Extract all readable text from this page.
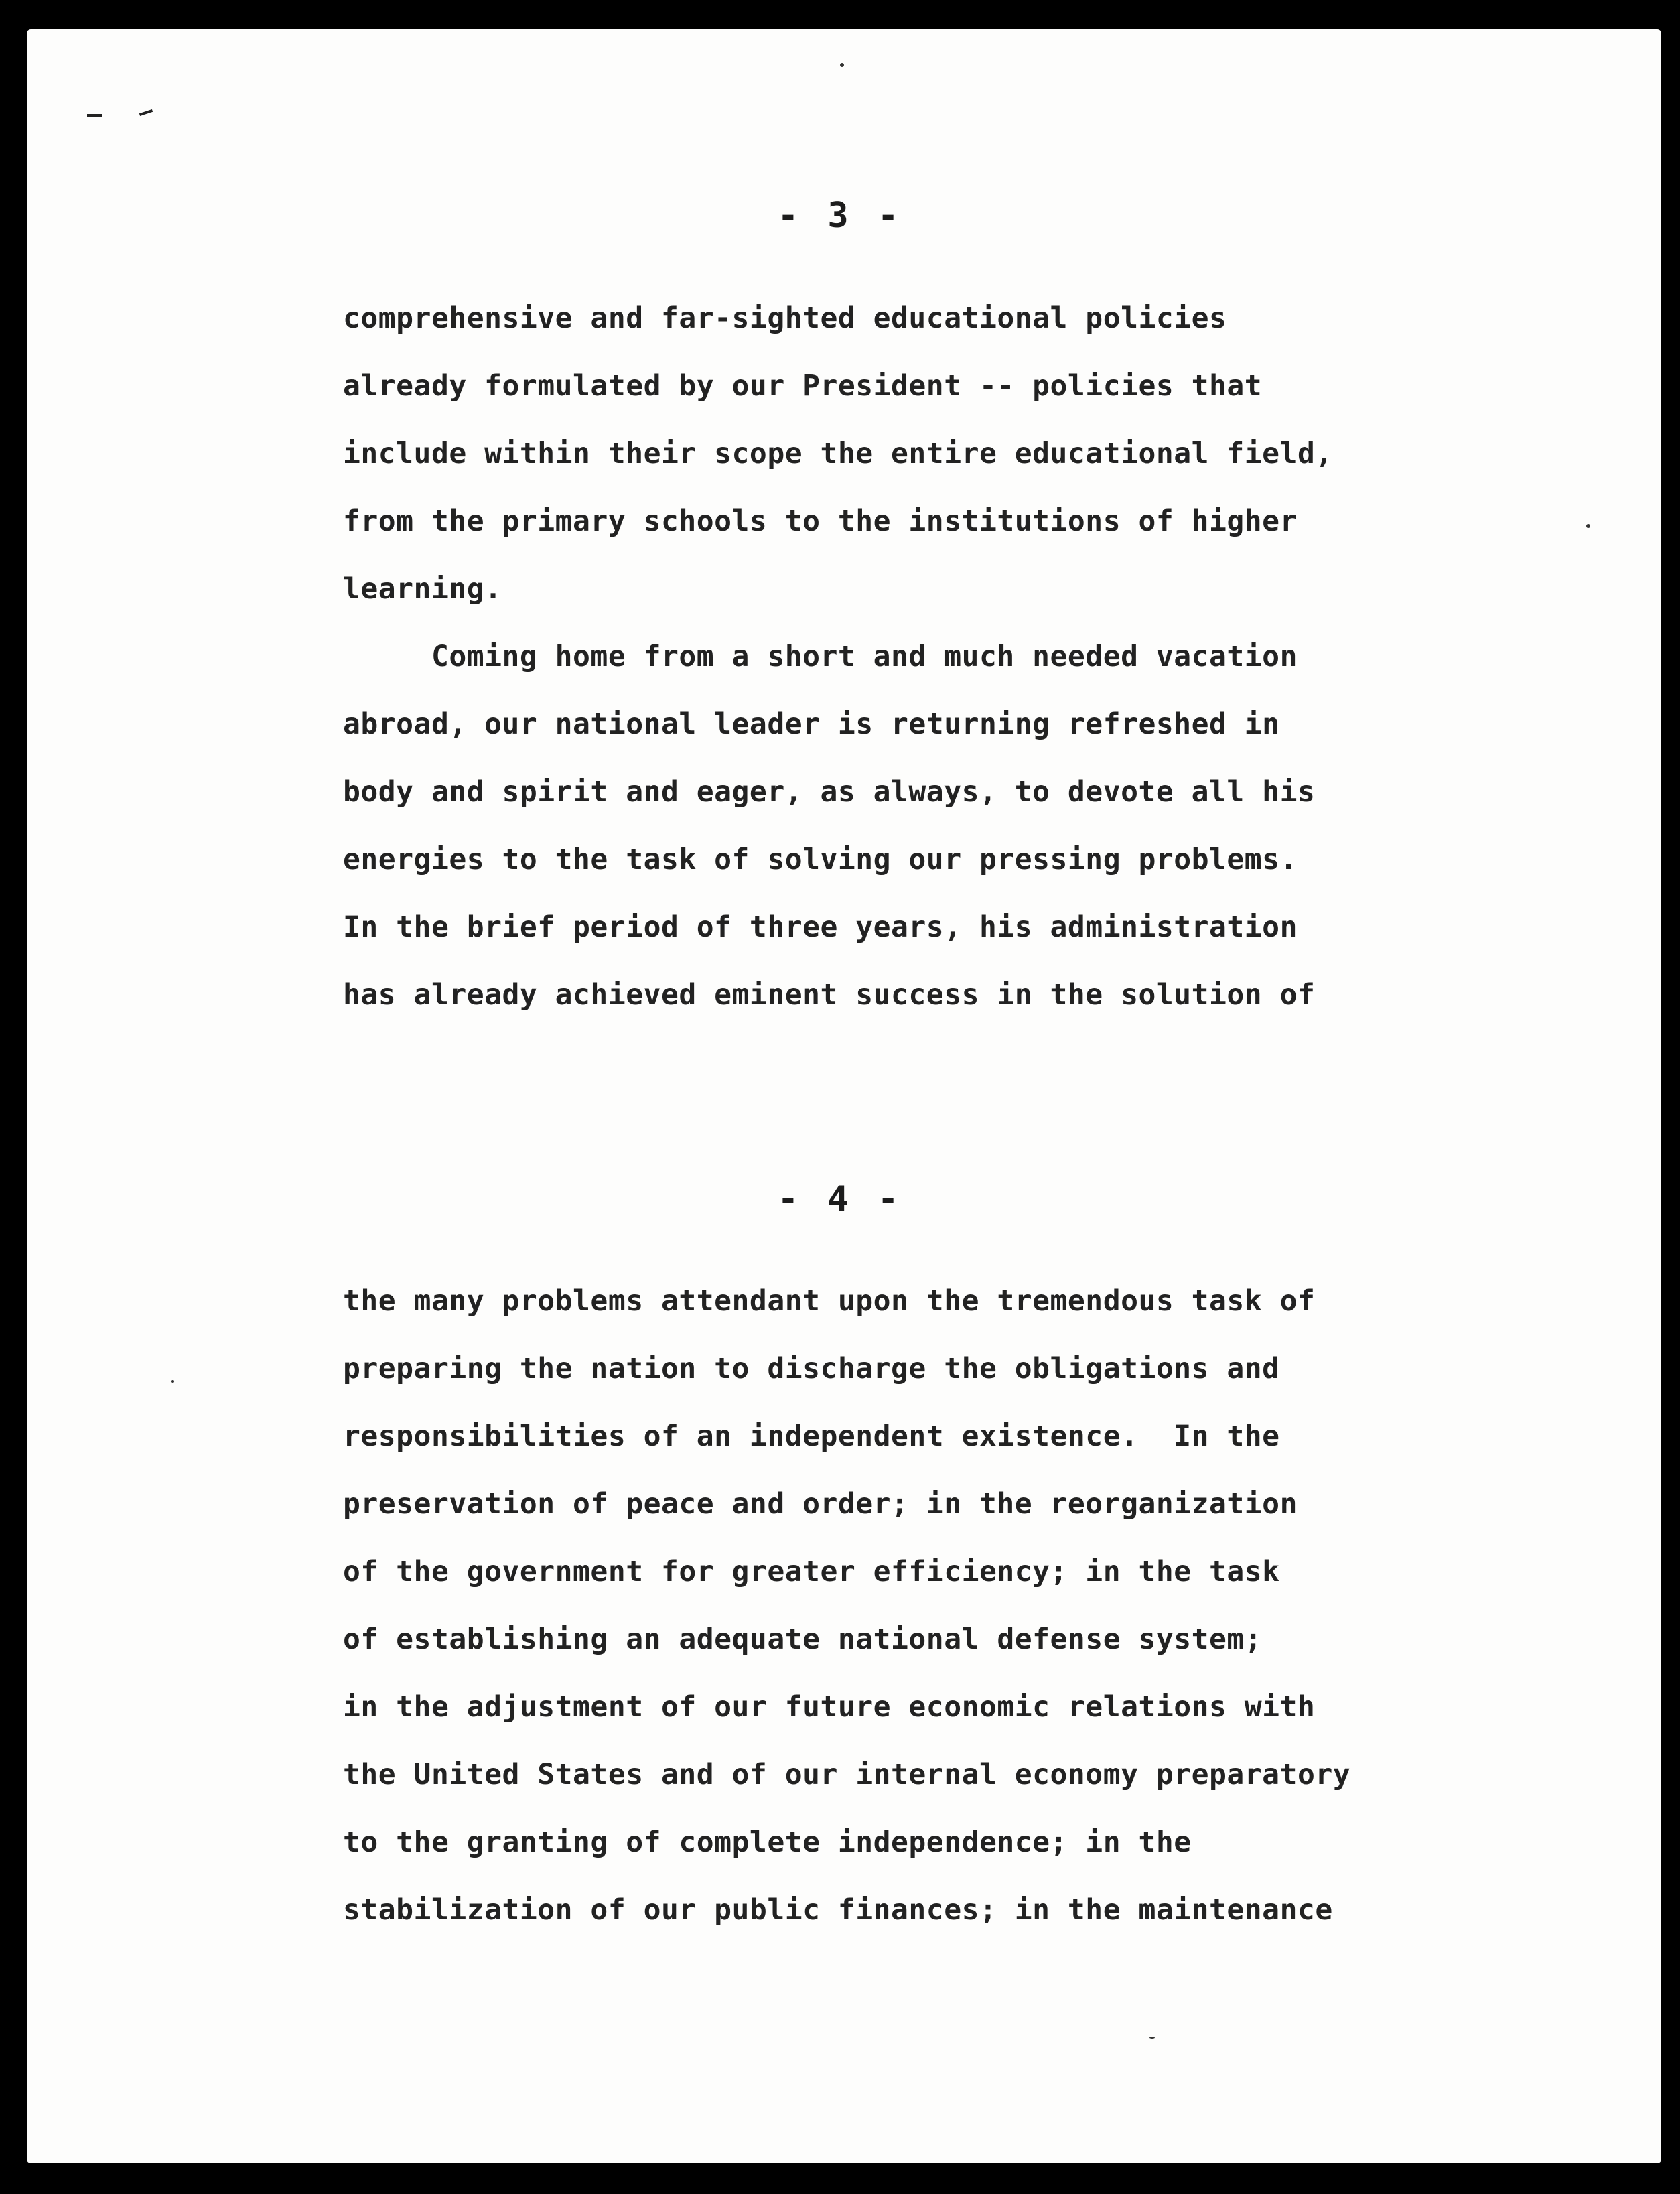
- 3 -
comprehensive and far-sighted educational policies
already formulated by our President -- policies that
include within their scope the entire educational field,
from the primary schools to the institutions of higher
learning.
Coming home from a short and much needed vacation
abroad, our national leader is returning refreshed in
body and spirit and eager, as always, to devote all his
energies to the task of solving our pressing problems.
In the brief period of three years, his administration
has already achieved eminent success in the solution of
- 4 -
the many problems attendant upon the tremendous task of
preparing the nation to discharge the obligations and
responsibilities of an independent existence.  In the
preservation of peace and order; in the reorganization
of the government for greater efficiency; in the task
of establishing an adequate national defense system;
in the adjustment of our future economic relations with
the United States and of our internal economy preparatory
to the granting of complete independence; in the
stabilization of our public finances; in the maintenance
